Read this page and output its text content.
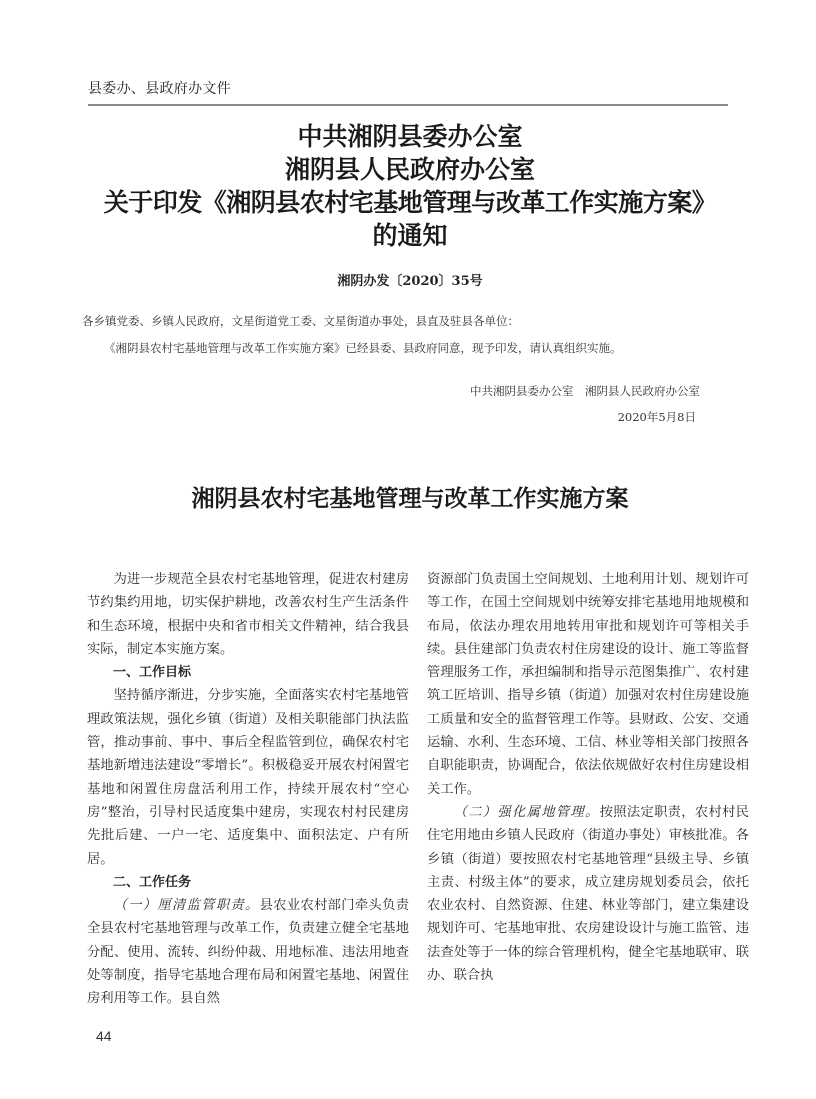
县委办、县政府办文件
中共湘阴县委办公室
湘阴县人民政府办公室
关于印发《湘阴县农村宅基地管理与改革工作实施方案》
的通知
湘阴办发〔2020〕35号
各乡镇党委、乡镇人民政府，文星街道党工委、文星街道办事处，县直及驻县各单位：
《湘阴县农村宅基地管理与改革工作实施方案》已经县委、县政府同意，现予印发，请认真组织实施。
中共湘阴县委办公室　湘阴县人民政府办公室
2020年5月8日
湘阴县农村宅基地管理与改革工作实施方案

为进一步规范全县农村宅基地管理，促进农村建房节约集约用地，切实保护耕地，改善农村生产生活条件和生态环境，根据中央和省市相关文件精神，结合我县实际，制定本实施方案。

一、工作目标

坚持循序渐进，分步实施，全面落实农村宅基地管理政策法规，强化乡镇（街道）及相关职能部门执法监管，推动事前、事中、事后全程监管到位，确保农村宅基地新增违法建设“零增长”。积极稳妥开展农村闲置宅基地和闲置住房盘活利用工作，持续开展农村“空心房”整治，引导村民适度集中建房，实现农村村民建房先批后建、一户一宅、适度集中、面积法定、户有所居。

二、工作任务

（一）厘清监管职责。县农业农村部门牵头负责全县农村宅基地管理与改革工作，负责建立健全宅基地分配、使用、流转、纠纷仲裁、用地标准、违法用地查处等制度，指导宅基地合理布局和闲置宅基地、闲置住房利用等工作。县自然

资源部门负责国土空间规划、土地利用计划、规划许可等工作，在国土空间规划中统筹安排宅基地用地规模和布局，依法办理农用地转用审批和规划许可等相关手续。县住建部门负责农村住房建设的设计、施工等监督管理服务工作，承担编制和指导示范图集推广、农村建筑工匠培训、指导乡镇（街道）加强对农村住房建设施工质量和安全的监督管理工作等。县财政、公安、交通运输、水利、生态环境、工信、林业等相关部门按照各自职能职责，协调配合，依法依规做好农村住房建设相关工作。

（二）强化属地管理。按照法定职责，农村村民住宅用地由乡镇人民政府（街道办事处）审核批准。各乡镇（街道）要按照农村宅基地管理“县级主导、乡镇主责、村级主体”的要求，成立建房规划委员会，依托农业农村、自然资源、住建、林业等部门，建立集建设规划许可、宅基地审批、农房建设设计与施工监管、违法查处等于一体的综合管理机构，健全宅基地联审、联办、联合执

44
